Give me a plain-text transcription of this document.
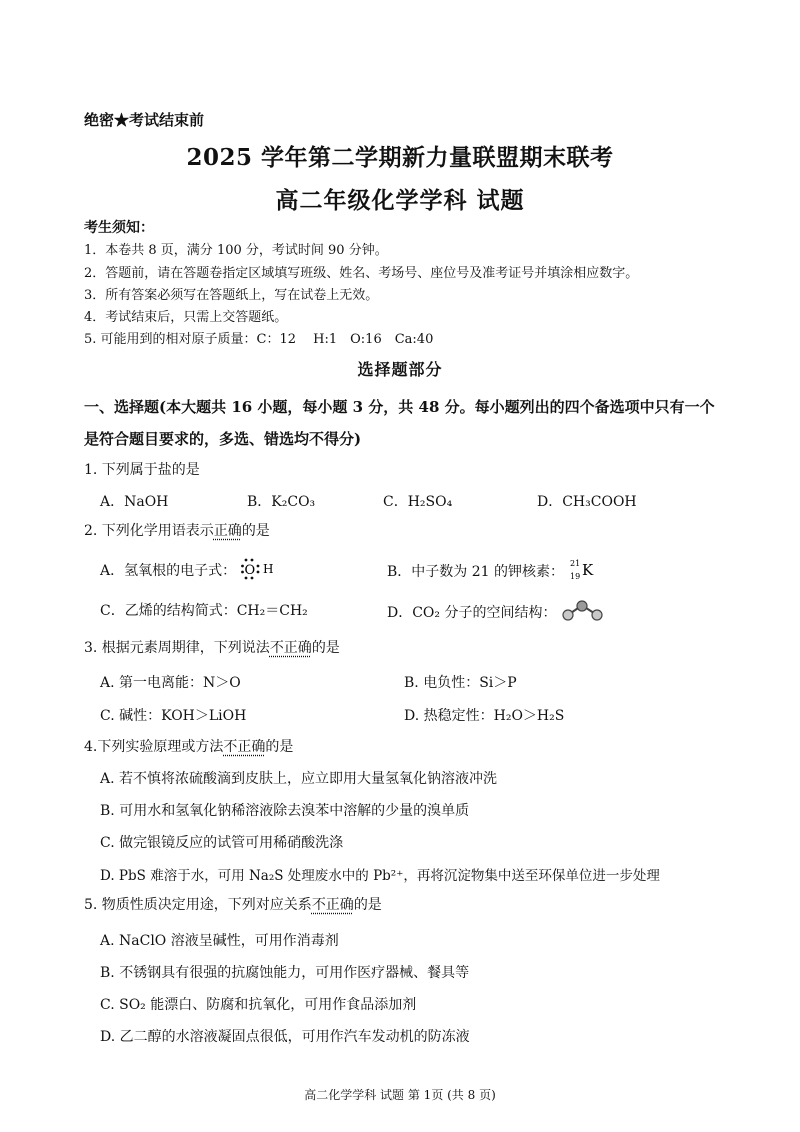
绝密★考试结束前
2025 学年第二学期新力量联盟期末联考
高二年级化学学科 试题
考生须知：
1．本卷共 8 页，满分 100 分，考试时间 90 分钟。
2．答题前，请在答题卷指定区域填写班级、姓名、考场号、座位号及准考证号并填涂相应数字。
3．所有答案必须写在答题纸上，写在试卷上无效。
4．考试结束后，只需上交答题纸。
5. 可能用到的相对原子质量：C：12　 H:1　O:16　Ca:40
选择题部分
一、选择题(本大题共 16 小题，每小题 3 分，共 48 分。每小题列出的四个备选项中只有一个
是符合题目要求的，多选、错选均不得分)
1. 下列属于盐的是
A．NaOH	B．K₂CO₃	C．H₂SO₄	D．CH₃COOH
2. 下列化学用语表示正确的是
A．氢氧根的电子式： O H	B．中子数为 21 的钾核素：
21
19 K
C．乙烯的结构简式：CH₂＝CH₂	D．CO₂ 分子的空间结构：
3. 根据元素周期律，下列说法不正确的是
A. 第一电离能：N＞O	B. 电负性：Si＞P
C. 碱性：KOH＞LiOH	D. 热稳定性：H₂O＞H₂S
4.下列实验原理或方法不正确的是
A. 若不慎将浓硫酸滴到皮肤上，应立即用大量氢氧化钠溶液冲洗
B. 可用水和氢氧化钠稀溶液除去溴苯中溶解的少量的溴单质
C. 做完银镜反应的试管可用稀硝酸洗涤
D. PbS 难溶于水，可用 Na₂S 处理废水中的 Pb²⁺，再将沉淀物集中送至环保单位进一步处理
5. 物质性质决定用途，下列对应关系不正确的是
A. NaClO 溶液呈碱性，可用作消毒剂
B. 不锈钢具有很强的抗腐蚀能力，可用作医疗器械、餐具等
C. SO₂ 能漂白、防腐和抗氧化，可用作食品添加剂
D. 乙二醇的水溶液凝固点很低，可用作汽车发动机的防冻液
高二化学学科 试题 第 1页 (共 8 页)
